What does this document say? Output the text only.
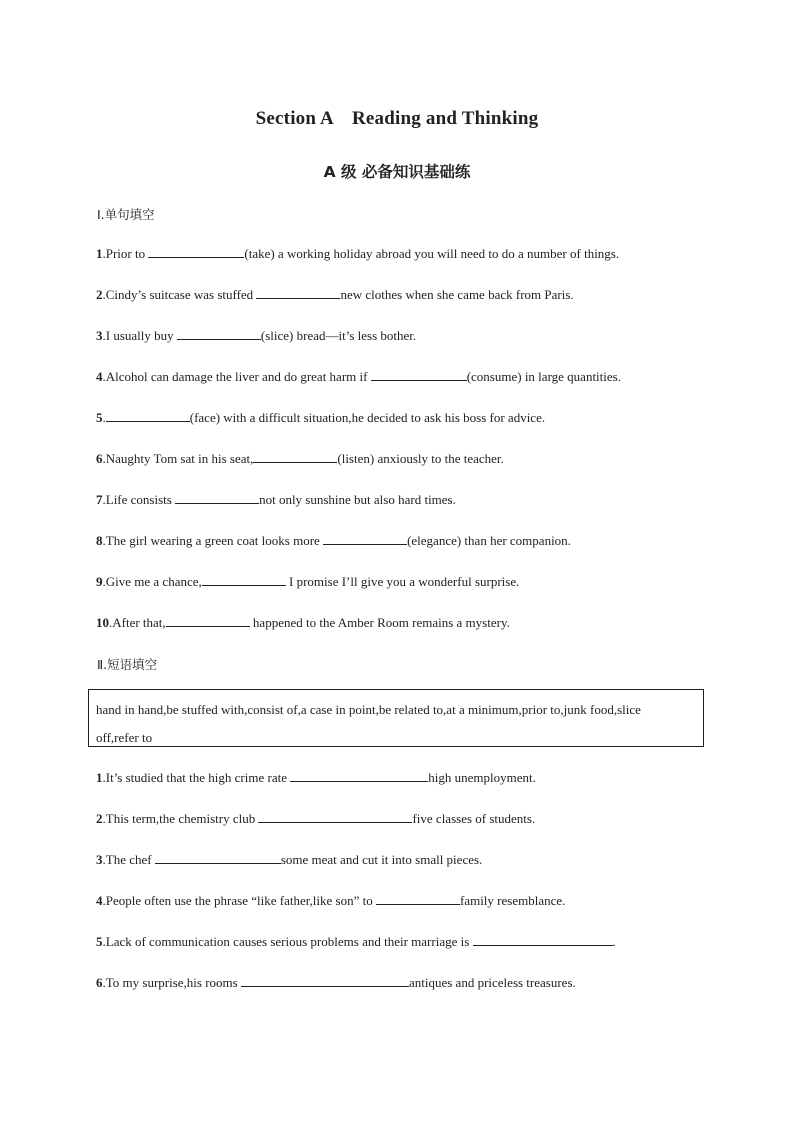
Section A Reading and Thinking
A 级 必备知识基础练
Ⅰ.单句填空
1.Prior to	(take) a working holiday abroad you will need to do a number of things.
2.Cindy’s suitcase was stuffed	new clothes when she came back from Paris.
3.I usually buy	(slice) bread—it’s less bother.
4.Alcohol can damage the liver and do great harm if	(consume) in large quantities.
5.	(face) with a difficult situation,he decided to ask his boss for advice.
6.Naughty Tom sat in his seat,	(listen) anxiously to the teacher.
7.Life consists	not only sunshine but also hard times.
8.The girl wearing a green coat looks more	(elegance) than her companion.
9.Give me a chance,	I promise I’ll give you a wonderful surprise.
10.After that,	happened to the Amber Room remains a mystery.
Ⅱ.短语填空
hand in hand,be stuffed with,consist of,a case in point,be related to,at a minimum,prior to,junk food,slice
off,refer to
1.It’s studied that the high crime rate	high unemployment.
2.This term,the chemistry club	five classes of students.
3.The chef	some meat and cut it into small pieces.
4.People often use the phrase “like father,like son” to	family resemblance.
5.Lack of communication causes serious problems and their marriage is	.
6.To my surprise,his rooms	antiques and priceless treasures.
